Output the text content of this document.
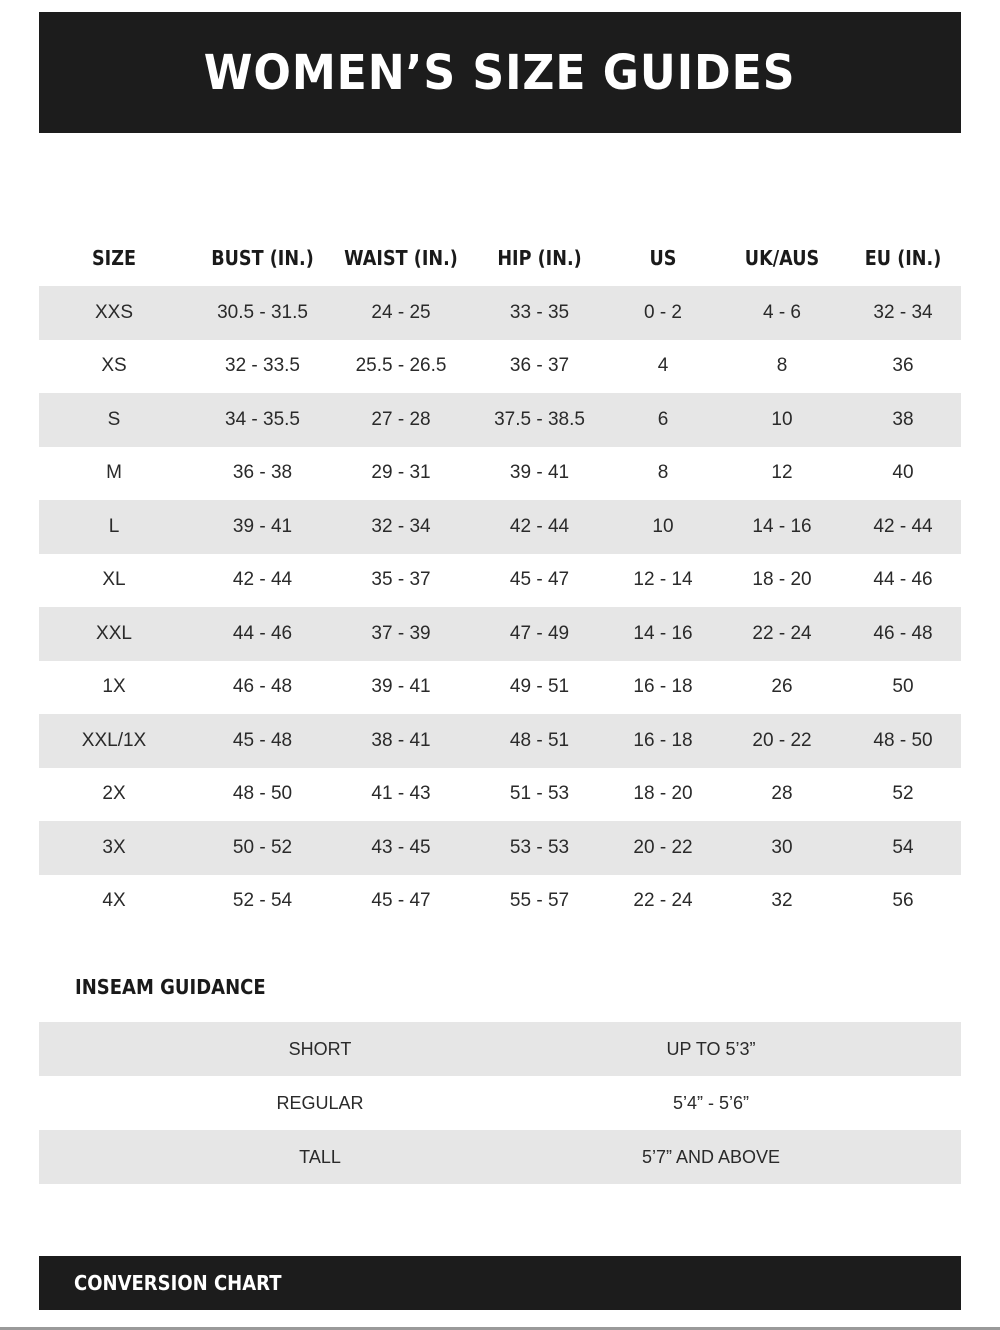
WOMEN’S SIZE GUIDES
SIZE	BUST (IN.)	WAIST (IN.)	HIP (IN.)	US	UK/AUS	EU (IN.)
XXS	30.5 - 31.5	24 - 25	33 - 35	0 - 2	4 - 6	32 - 34
XS	32 - 33.5	25.5 - 26.5	36 - 37	4	8	36
S	34 - 35.5	27 - 28	37.5 - 38.5	6	10	38
M	36 - 38	29 - 31	39 - 41	8	12	40
L	39 - 41	32 - 34	42 - 44	10	14 - 16	42 - 44
XL	42 - 44	35 - 37	45 - 47	12 - 14	18 - 20	44 - 46
XXL	44 - 46	37 - 39	47 - 49	14 - 16	22 - 24	46 - 48
1X	46 - 48	39 - 41	49 - 51	16 - 18	26	50
XXL/1X	45 - 48	38 - 41	48 - 51	16 - 18	20 - 22	48 - 50
2X	48 - 50	41 - 43	51 - 53	18 - 20	28	52
3X	50 - 52	43 - 45	53 - 53	20 - 22	30	54
4X	52 - 54	45 - 47	55 - 57	22 - 24	32	56
INSEAM GUIDANCE
SHORT	UP TO 5’3”
REGULAR	5’4” - 5’6”
TALL	5’7” AND ABOVE
CONVERSION CHART
